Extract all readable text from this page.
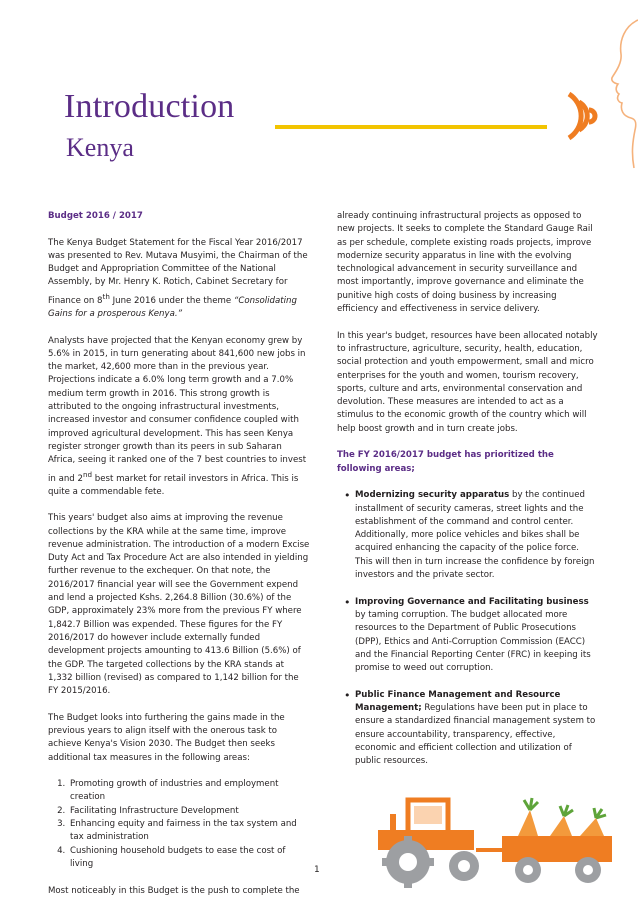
Introduction
Kenya

Budget 2016 / 2017

The Kenya Budget Statement for the Fiscal Year 2016/2017 was presented to Rev. Mutava Musyimi, the Chairman of the Budget and Appropriation Committee of the National Assembly, by Mr. Henry K. Rotich, Cabinet Secretary for Finance on 8th June 2016 under the theme “Consolidating Gains for a prosperous Kenya.”

Analysts have projected that the Kenyan economy grew by 5.6% in 2015, in turn generating about 841,600 new jobs in the market, 42,600 more than in the previous year. Projections indicate a 6.0% long term growth and a 7.0% medium term growth in 2016. This strong growth is attributed to the ongoing infrastructural investments, increased investor and consumer confidence coupled with improved agricultural development. This has seen Kenya register stronger growth than its peers in sub Saharan Africa, seeing it ranked one of the 7 best countries to invest in and 2nd best market for retail investors in Africa. This is quite a commendable fete.

This years' budget also aims at improving the revenue collections by the KRA while at the same time, improve revenue administration. The introduction of a modern Excise Duty Act and Tax Procedure Act are also intended in yielding further revenue to the exchequer. On that note, the 2016/2017 financial year will see the Government expend and lend a projected Kshs. 2,264.8 Billion (30.6%) of the GDP, approximately 23% more from the previous FY where 1,842.7 Billion was expended. These figures for the FY 2016/2017 do however include externally funded development projects amounting to 413.6 Billion (5.6%) of the GDP. The targeted collections by the KRA stands at 1,332 billion (revised) as compared to 1,142 billion for the FY 2015/2016.

The Budget looks into furthering the gains made in the previous years to align itself with the onerous task to achieve Kenya's Vision 2030. The Budget then seeks additional tax measures in the following areas:

1. Promoting growth of industries and employment creation
2. Facilitating Infrastructure Development
3. Enhancing equity and fairness in the tax system and tax administration
4. Cushioning household budgets to ease the cost of living

Most noticeably in this Budget is the push to complete the

already continuing infrastructural projects as opposed to new projects. It seeks to complete the Standard Gauge Rail as per schedule, complete existing roads projects, improve modernize security apparatus in line with the evolving technological advancement in security surveillance and most importantly, improve governance and eliminate the punitive high costs of doing business by increasing efficiency and effectiveness in service delivery.

In this year's budget, resources have been allocated notably to infrastructure, agriculture, security, health, education, social protection and youth empowerment, small and micro enterprises for the youth and women, tourism recovery, sports, culture and arts, environmental conservation and devolution. These measures are intended to act as a stimulus to the economic growth of the country which will help boost growth and in turn create jobs.

The FY 2016/2017 budget has prioritized the following areas;

• Modernizing security apparatus by the continued installment of security cameras, street lights and the establishment of the command and control center. Additionally, more police vehicles and bikes shall be acquired enhancing the capacity of the police force. This will then in turn increase the confidence by foreign investors and the private sector.
• Improving Governance and Facilitating business by taming corruption. The budget allocated more resources to the Department of Public Prosecutions (DPP), Ethics and Anti-Corruption Commission (EACC) and the Financial Reporting Center (FRC) in keeping its promise to weed out corruption.
• Public Finance Management and Resource Management; Regulations have been put in place to ensure a standardized financial management system to ensure accountability, transparency, effective, economic and efficient collection and utilization of public resources.
1
